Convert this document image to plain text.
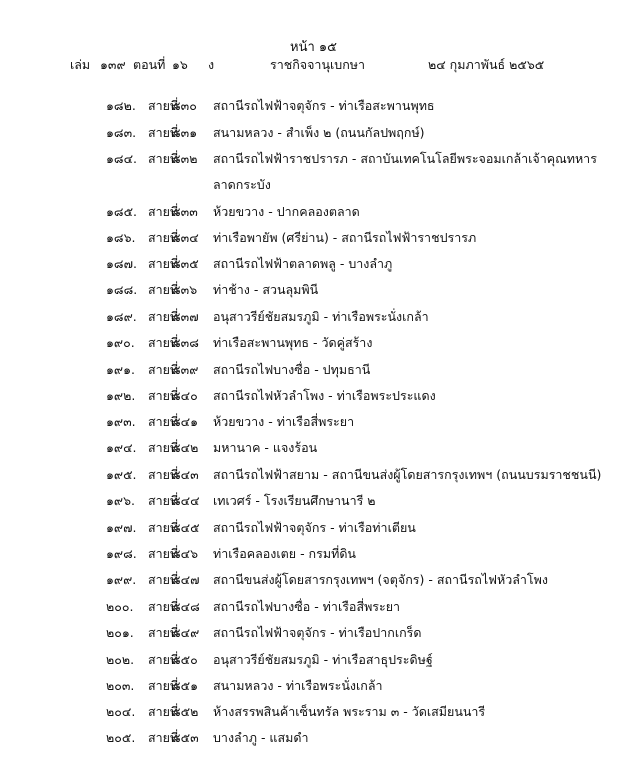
หน้า ๑๕
เล่ม ๑๓๙ ตอนที่ ๑๖ ง	ราชกิจจานุเบกษา	๒๔ กุมภาพันธ์ ๒๕๖๕
๑๘๒. สายที่
๘๓๐ สถานีรถไฟฟ้าจตุจักร - ท่าเรือสะพานพุทธ
๑๘๓. สายที่
๘๓๑ สนามหลวง - สำเพ็ง ๒ (ถนนกัลปพฤกษ์)
๑๘๔. สายที่
๘๓๒ สถานีรถไฟฟ้าราชปรารภ - สถาบันเทคโนโลยีพระจอมเกล้าเจ้าคุณทหาร
ลาดกระบัง
๑๘๕. สายที่
๘๓๓ ห้วยขวาง - ปากคลองตลาด
๑๘๖. สายที่
๘๓๔ ท่าเรือพายัพ (ศรีย่าน) - สถานีรถไฟฟ้าราชปรารภ
๑๘๗. สายที่
๘๓๕ สถานีรถไฟฟ้าตลาดพลู - บางลำภู
๑๘๘. สายที่
๘๓๖ ท่าช้าง - สวนลุมพินี
๑๘๙. สายที่
๘๓๗ อนุสาวรีย์ชัยสมรภูมิ - ท่าเรือพระนั่งเกล้า
๑๙๐. สายที่
๘๓๘ ท่าเรือสะพานพุทธ - วัดคู่สร้าง
๑๙๑. สายที่
๘๓๙ สถานีรถไฟบางซื่อ - ปทุมธานี
๑๙๒. สายที่
๘๔๐ สถานีรถไฟหัวลำโพง - ท่าเรือพระประแดง
๑๙๓. สายที่
๘๔๑ ห้วยขวาง - ท่าเรือสี่พระยา
๑๙๔. สายที่
๘๔๒ มหานาค - แจงร้อน
๑๙๕. สายที่
๘๔๓ สถานีรถไฟฟ้าสยาม - สถานีขนส่งผู้โดยสารกรุงเทพฯ (ถนนบรมราชชนนี)
๑๙๖. สายที่
๘๔๔ เทเวศร์ - โรงเรียนศึกษานารี ๒
๑๙๗. สายที่
๘๔๕ สถานีรถไฟฟ้าจตุจักร - ท่าเรือท่าเตียน
๑๙๘. สายที่
๘๔๖ ท่าเรือคลองเตย - กรมที่ดิน
๑๙๙. สายที่
๘๔๗ สถานีขนส่งผู้โดยสารกรุงเทพฯ (จตุจักร) - สถานีรถไฟหัวลำโพง
๒๐๐. สายที่
๘๔๘ สถานีรถไฟบางซื่อ - ท่าเรือสี่พระยา
๒๐๑. สายที่
๘๔๙ สถานีรถไฟฟ้าจตุจักร - ท่าเรือปากเกร็ด
๒๐๒. สายที่
๘๕๐ อนุสาวรีย์ชัยสมรภูมิ - ท่าเรือสาธุประดิษฐ์
๒๐๓. สายที่
๘๕๑ สนามหลวง - ท่าเรือพระนั่งเกล้า
๒๐๔. สายที่
๘๕๒ ห้างสรรพสินค้าเซ็นทรัล พระราม ๓ - วัดเสมียนนารี
๒๐๕. สายที่
๘๕๓ บางลำภู - แสมดำ
